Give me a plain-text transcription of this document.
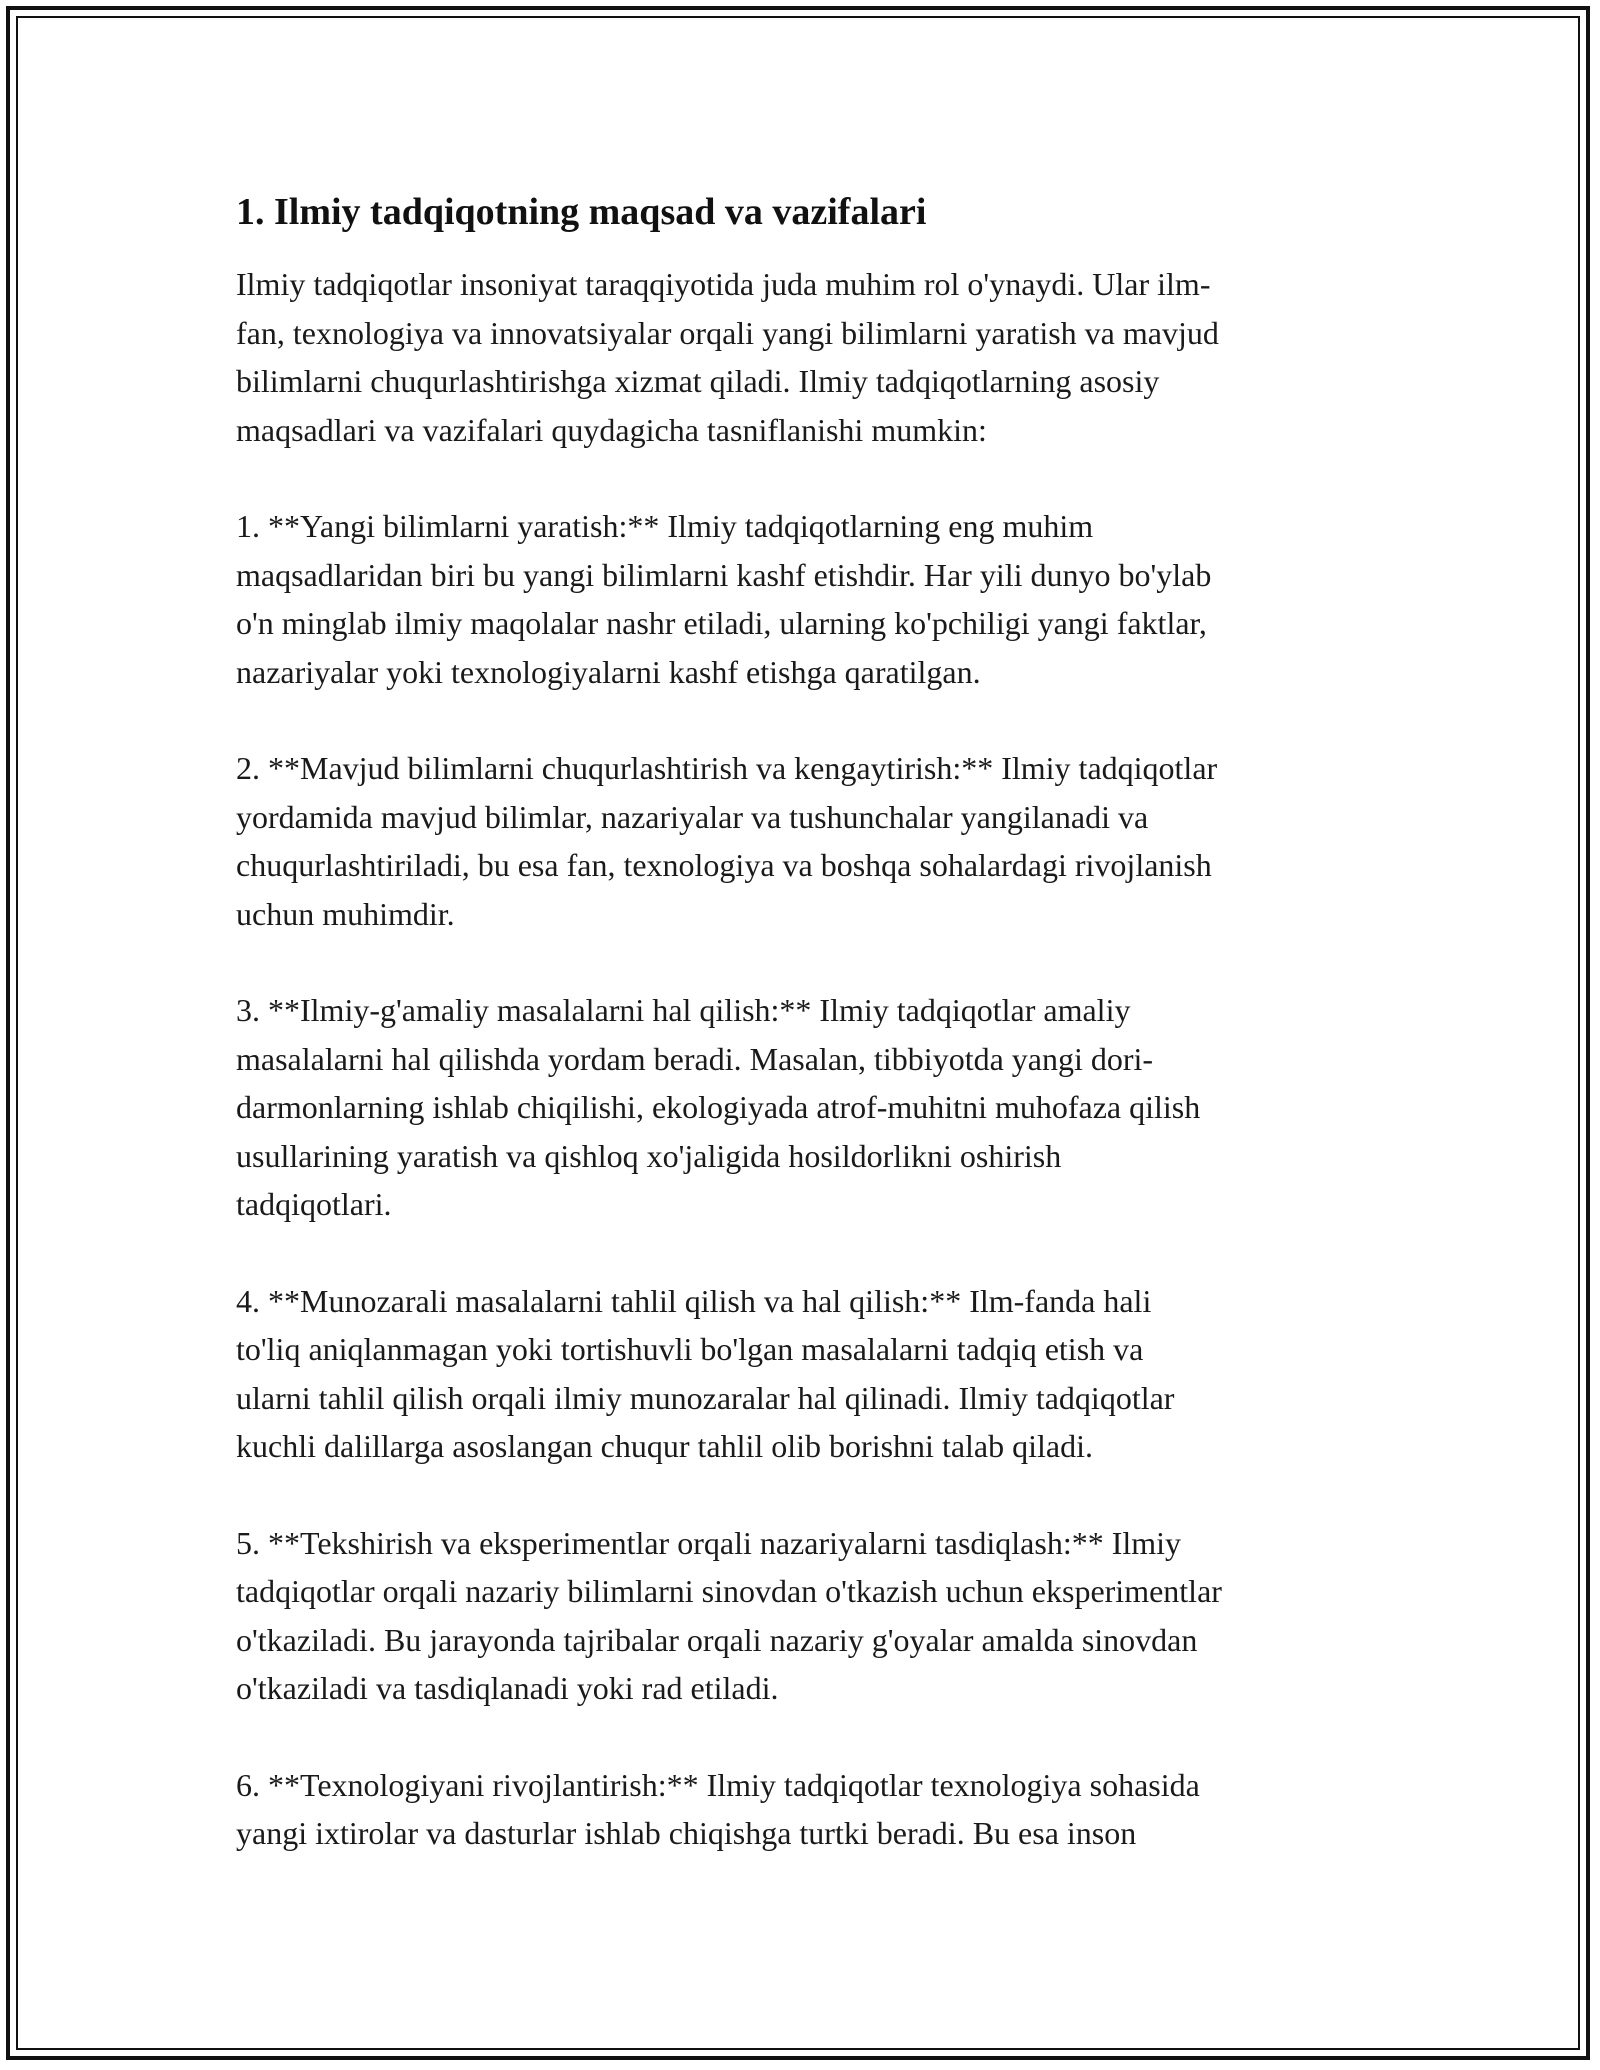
1. Ilmiy tadqiqotning maqsad va vazifalari

Ilmiy tadqiqotlar insoniyat taraqqiyotida juda muhim rol o'ynaydi. Ular ilm-
fan, texnologiya va innovatsiyalar orqali yangi bilimlarni yaratish va mavjud
bilimlarni chuqurlashtirishga xizmat qiladi. Ilmiy tadqiqotlarning asosiy
maqsadlari va vazifalari quydagicha tasniflanishi mumkin:

1. **Yangi bilimlarni yaratish:** Ilmiy tadqiqotlarning eng muhim
maqsadlaridan biri bu yangi bilimlarni kashf etishdir. Har yili dunyo bo'ylab
o'n minglab ilmiy maqolalar nashr etiladi, ularning ko'pchiligi yangi faktlar,
nazariyalar yoki texnologiyalarni kashf etishga qaratilgan.

2. **Mavjud bilimlarni chuqurlashtirish va kengaytirish:** Ilmiy tadqiqotlar
yordamida mavjud bilimlar, nazariyalar va tushunchalar yangilanadi va
chuqurlashtiriladi, bu esa fan, texnologiya va boshqa sohalardagi rivojlanish
uchun muhimdir.

3. **Ilmiy-g'amaliy masalalarni hal qilish:** Ilmiy tadqiqotlar amaliy
masalalarni hal qilishda yordam beradi. Masalan, tibbiyotda yangi dori-
darmonlarning ishlab chiqilishi, ekologiyada atrof-muhitni muhofaza qilish
usullarining yaratish va qishloq xo'jaligida hosildorlikni oshirish
tadqiqotlari.

4. **Munozarali masalalarni tahlil qilish va hal qilish:** Ilm-fanda hali
to'liq aniqlanmagan yoki tortishuvli bo'lgan masalalarni tadqiq etish va
ularni tahlil qilish orqali ilmiy munozaralar hal qilinadi. Ilmiy tadqiqotlar
kuchli dalillarga asoslangan chuqur tahlil olib borishni talab qiladi.

5. **Tekshirish va eksperimentlar orqali nazariyalarni tasdiqlash:** Ilmiy
tadqiqotlar orqali nazariy bilimlarni sinovdan o'tkazish uchun eksperimentlar
o'tkaziladi. Bu jarayonda tajribalar orqali nazariy g'oyalar amalda sinovdan
o'tkaziladi va tasdiqlanadi yoki rad etiladi.

6. **Texnologiyani rivojlantirish:** Ilmiy tadqiqotlar texnologiya sohasida
yangi ixtirolar va dasturlar ishlab chiqishga turtki beradi. Bu esa inson
